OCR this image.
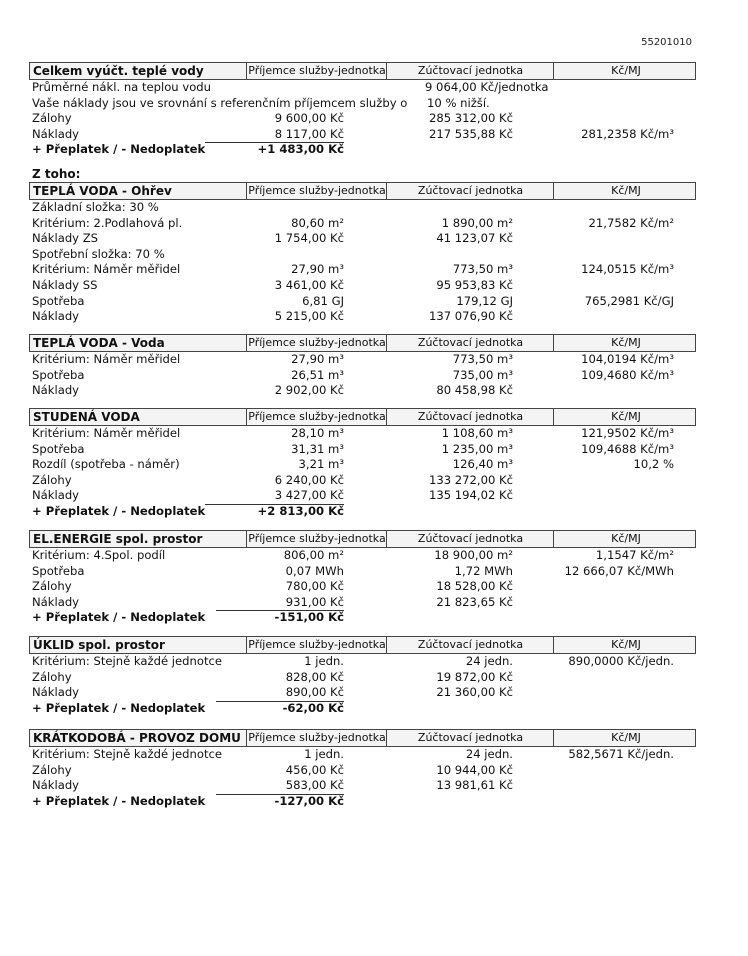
55201010
Z toho:
Celkem vyúčt. teplé vody	Příjemce služby-jednotka	Zúčtovací jednotka	Kč/MJ
Průměrné nákl. na teplou vodu	9 064,00 Kč/jednotka
Vaše náklady jsou ve srovnání s referenčním příjemcem služby o 10 % nižší.
Zálohy	9 600,00 Kč	285 312,00 Kč
Náklady	8 117,00 Kč	217 535,88 Kč	281,2358 Kč/m³
+ Přeplatek / - Nedoplatek	+1 483,00 Kč
TEPLÁ VODA - Ohřev	Příjemce služby-jednotka	Zúčtovací jednotka	Kč/MJ
Základní složka: 30 %
Kritérium: 2.Podlahová pl.	80,60 m²	1 890,00 m²	21,7582 Kč/m²
Náklady ZS	1 754,00 Kč	41 123,07 Kč
Spotřební složka: 70 %
Kritérium: Náměr měřidel	27,90 m³	773,50 m³	124,0515 Kč/m³
Náklady SS	3 461,00 Kč	95 953,83 Kč
Spotřeba	6,81 GJ	179,12 GJ	765,2981 Kč/GJ
Náklady	5 215,00 Kč	137 076,90 Kč
TEPLÁ VODA - Voda	Příjemce služby-jednotka	Zúčtovací jednotka	Kč/MJ
Kritérium: Náměr měřidel	27,90 m³	773,50 m³	104,0194 Kč/m³
Spotřeba	26,51 m³	735,00 m³	109,4680 Kč/m³
Náklady	2 902,00 Kč	80 458,98 Kč
STUDENÁ VODA	Příjemce služby-jednotka	Zúčtovací jednotka	Kč/MJ
Kritérium: Náměr měřidel	28,10 m³	1 108,60 m³	121,9502 Kč/m³
Spotřeba	31,31 m³	1 235,00 m³	109,4688 Kč/m³
Rozdíl (spotřeba - náměr)	3,21 m³	126,40 m³	10,2 %
Zálohy	6 240,00 Kč	133 272,00 Kč
Náklady	3 427,00 Kč	135 194,02 Kč
+ Přeplatek / - Nedoplatek	+2 813,00 Kč
EL.ENERGIE spol. prostor	Příjemce služby-jednotka	Zúčtovací jednotka	Kč/MJ
Kritérium: 4.Spol. podíl	806,00 m²	18 900,00 m²	1,1547 Kč/m²
Spotřeba	0,07 MWh	1,72 MWh	12 666,07 Kč/MWh
Zálohy	780,00 Kč	18 528,00 Kč
Náklady	931,00 Kč	21 823,65 Kč
+ Přeplatek / - Nedoplatek	-151,00 Kč
ÚKLID spol. prostor	Příjemce služby-jednotka	Zúčtovací jednotka	Kč/MJ
Kritérium: Stejně každé jednotce	1 jedn.	24 jedn.	890,0000 Kč/jedn.
Zálohy	828,00 Kč	19 872,00 Kč
Náklady	890,00 Kč	21 360,00 Kč
+ Přeplatek / - Nedoplatek	-62,00 Kč
KRÁTKODOBÁ - PROVOZ DOMU Příjemce služby-jednotka	Zúčtovací jednotka	Kč/MJ
Kritérium: Stejně každé jednotce	1 jedn.	24 jedn.	582,5671 Kč/jedn.
Zálohy	456,00 Kč	10 944,00 Kč
Náklady	583,00 Kč	13 981,61 Kč
+ Přeplatek / - Nedoplatek	-127,00 Kč
